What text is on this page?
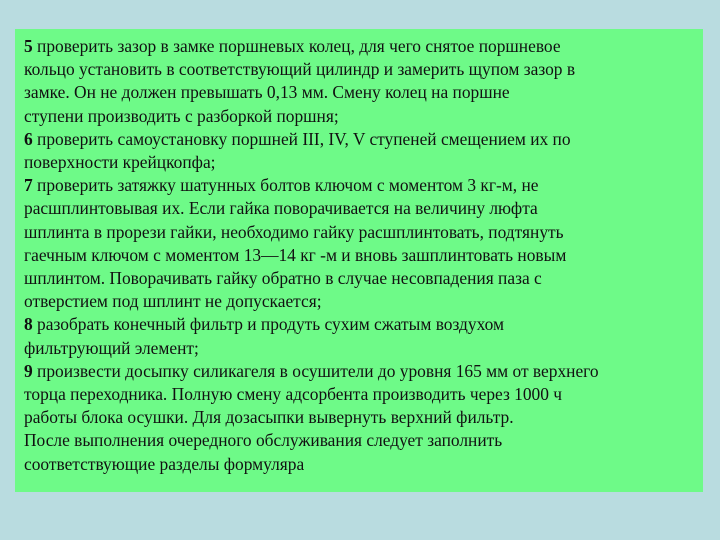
5 проверить зазор в замке поршневых колец, для чего снятое поршневое
кольцо установить в соответствующий цилиндр и замерить щупом зазор в
замке. Он не должен превышать 0,13 мм. Смену колец на поршне
ступени производить с разборкой поршня;
6 проверить самоустановку поршней III, IV, V ступеней смещением их по
поверхности крейцкопфа;
7 проверить затяжку шатунных болтов ключом с моментом 3 кг-м, не
расшплинтовывая их. Если гайка поворачивается на величину люфта
шплинта в прорези гайки, необходимо гайку расшплинтовать, подтянуть
гаечным ключом с моментом 13—14 кг -м и вновь зашплинтовать новым
шплинтом. Поворачивать гайку обратно в случае несовпадения паза с
отверстием под шплинт не допускается;
8 разобрать конечный фильтр и продуть сухим сжатым воздухом
фильтрующий элемент;
9 произвести досыпку силикагеля в осушители до уровня 165 мм от верхнего
торца переходника. Полную смену адсорбента производить через 1000 ч
работы блока осушки. Для дозасыпки вывернуть верхний фильтр.
После выполнения очередного обслуживания следует заполнить
соответствующие разделы формуляра
